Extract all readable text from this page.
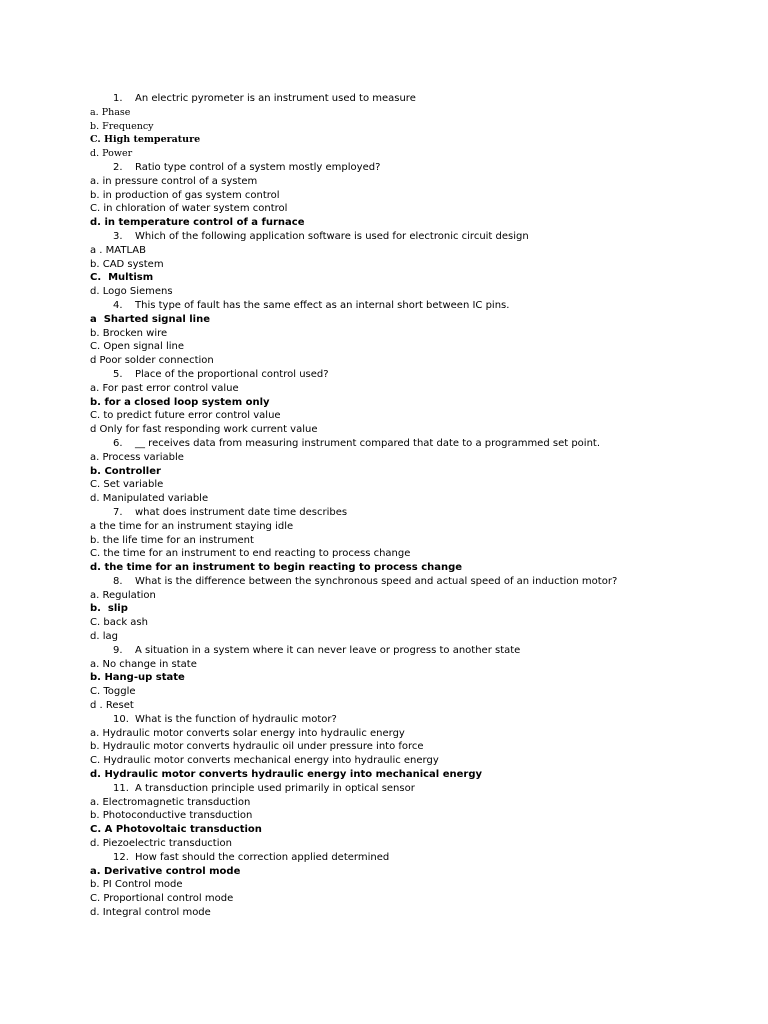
1. An electric pyrometer is an instrument used to measure
a. Phase
b. Frequency
C. High temperature
d. Power
2. Ratio type control of a system mostly employed?
a. in pressure control of a system
b. in production of gas system control
C. in chloration of water system control
d. in temperature control of a furnace
3. Which of the following application software is used for electronic circuit design
a . MATLAB
b. CAD system
C.  Multism
d. Logo Siemens
4. This type of fault has the same effect as an internal short between IC pins.
a  Sharted signal line
b. Brocken wire
C. Open signal line
d Poor solder connection
5. Place of the proportional control used?
a. For past error control value
b. for a closed loop system only
C. to predict future error control value
d Only for fast responding work current value
6. __ receives data from measuring instrument compared that date to a programmed set point.
a. Process variable
b. Controller
C. Set variable
d. Manipulated variable
7. what does instrument date time describes
a the time for an instrument staying idle
b. the life time for an instrument
C. the time for an instrument to end reacting to process change
d. the time for an instrument to begin reacting to process change
8. What is the difference between the synchronous speed and actual speed of an induction motor?
a. Regulation
b.  slip
C. back ash
d. lag
9. A situation in a system where it can never leave or progress to another state
a. No change in state
b. Hang-up state
C. Toggle
d . Reset
10. What is the function of hydraulic motor?
a. Hydraulic motor converts solar energy into hydraulic energy
b. Hydraulic motor converts hydraulic oil under pressure into force
C. Hydraulic motor converts mechanical energy into hydraulic energy
d. Hydraulic motor converts hydraulic energy into mechanical energy
11. A transduction principle used primarily in optical sensor
a. Electromagnetic transduction
b. Photoconductive transduction
C. A Photovoltaic transduction
d. Piezoelectric transduction
12. How fast should the correction applied determined
a. Derivative control mode
b. PI Control mode
C. Proportional control mode
d. Integral control mode
